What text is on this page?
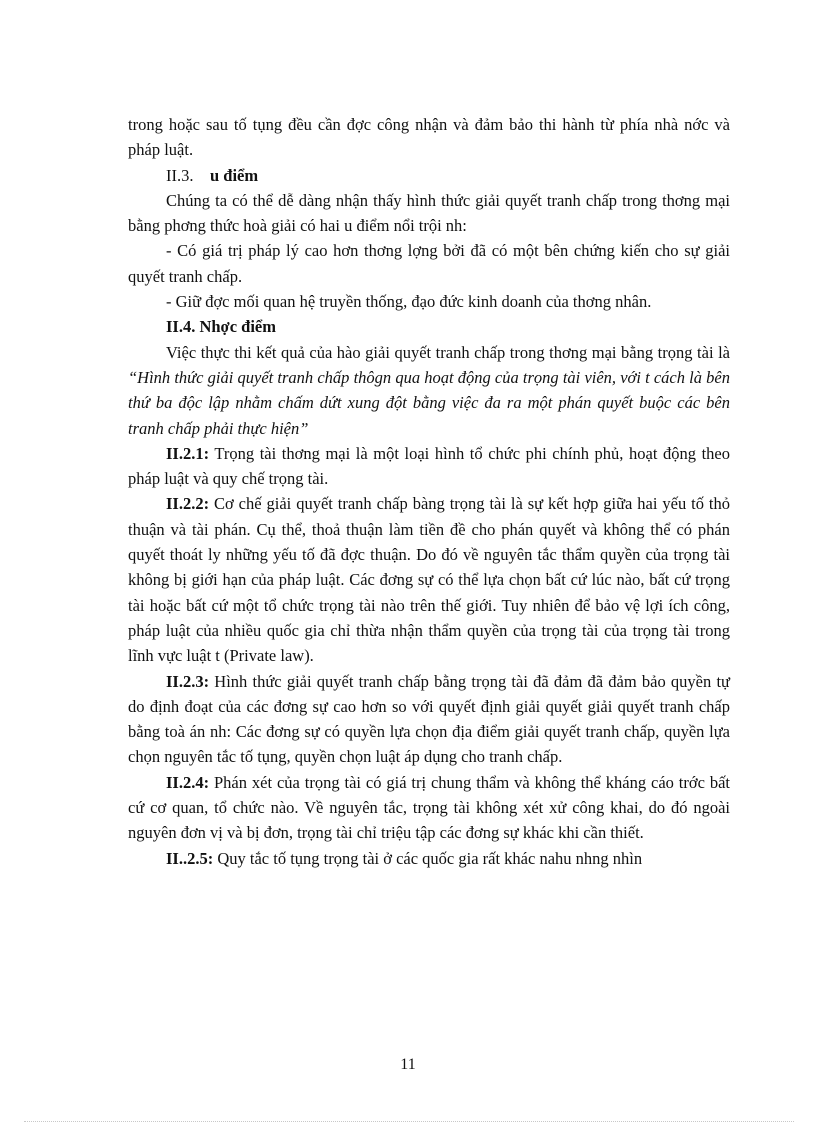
trong hoặc sau tố tụng đều cần đợc công nhận và đảm bảo thi hành từ phía nhà nớc và pháp luật.

II.3. u điểm

Chúng ta có thể dễ dàng nhận thấy hình thức giải quyết tranh chấp trong thơng mại bằng phơng thức hoà giải có hai u điểm nổi trội nh:

- Có giá trị pháp lý cao hơn thơng lợng bởi đã có một bên chứng kiến cho sự giải quyết tranh chấp.

- Giữ đợc mối quan hệ truyền thống, đạo đức kinh doanh của thơng nhân.

II.4. Nhợc điểm

Việc thực thi kết quả của hào giải quyết tranh chấp trong thơng mại bằng trọng tài là “Hình thức giải quyết tranh chấp thôgn qua hoạt động của trọng tài viên, với t cách là bên thứ ba độc lập nhằm chấm dứt xung đột bằng việc đa ra một phán quyết buộc các bên tranh chấp phải thực hiện”

II.2.1: Trọng tài thơng mại là một loại hình tổ chức phi chính phủ, hoạt động theo pháp luật và quy chế trọng tài.

II.2.2: Cơ chế giải quyết tranh chấp bàng trọng tài là sự kết hợp giữa hai yếu tố thỏ thuận và tài phán. Cụ thể, thoả thuận làm tiền đề cho phán quyết và không thể có phán quyết thoát ly những yếu tố đã đợc thuận. Do đó về nguyên tắc thẩm quyền của trọng tài không bị giới hạn của pháp luật. Các đơng sự có thể lựa chọn bất cứ lúc nào, bất cứ trọng tài hoặc bất cứ một tổ chức trọng tài nào trên thế giới. Tuy nhiên để bảo vệ lợi ích công, pháp luật của nhiều quốc gia chỉ thừa nhận thẩm quyền của trọng tài của trọng tài trong lĩnh vực luật t (Private law).

II.2.3: Hình thức giải quyết tranh chấp bằng trọng tài đã đảm đã đảm bảo quyền tự do định đoạt của các đơng sự cao hơn so với quyết định giải quyết giải quyết tranh chấp bằng toà án nh: Các đơng sự có quyền lựa chọn địa điểm giải quyết tranh chấp, quyền lựa chọn nguyên tắc tố tụng, quyền chọn luật áp dụng cho tranh chấp.

II.2.4: Phán xét của trọng tài có giá trị chung thẩm và không thể kháng cáo trớc bất cứ cơ quan, tổ chức nào. Về nguyên tắc, trọng tài không xét xử công khai, do đó ngoài nguyên đơn vị và bị đơn, trọng tài chỉ triệu tập các đơng sự khác khi cần thiết.

II..2.5: Quy tắc tố tụng trọng tài ở các quốc gia rất khác nahu nhng nhìn

11
